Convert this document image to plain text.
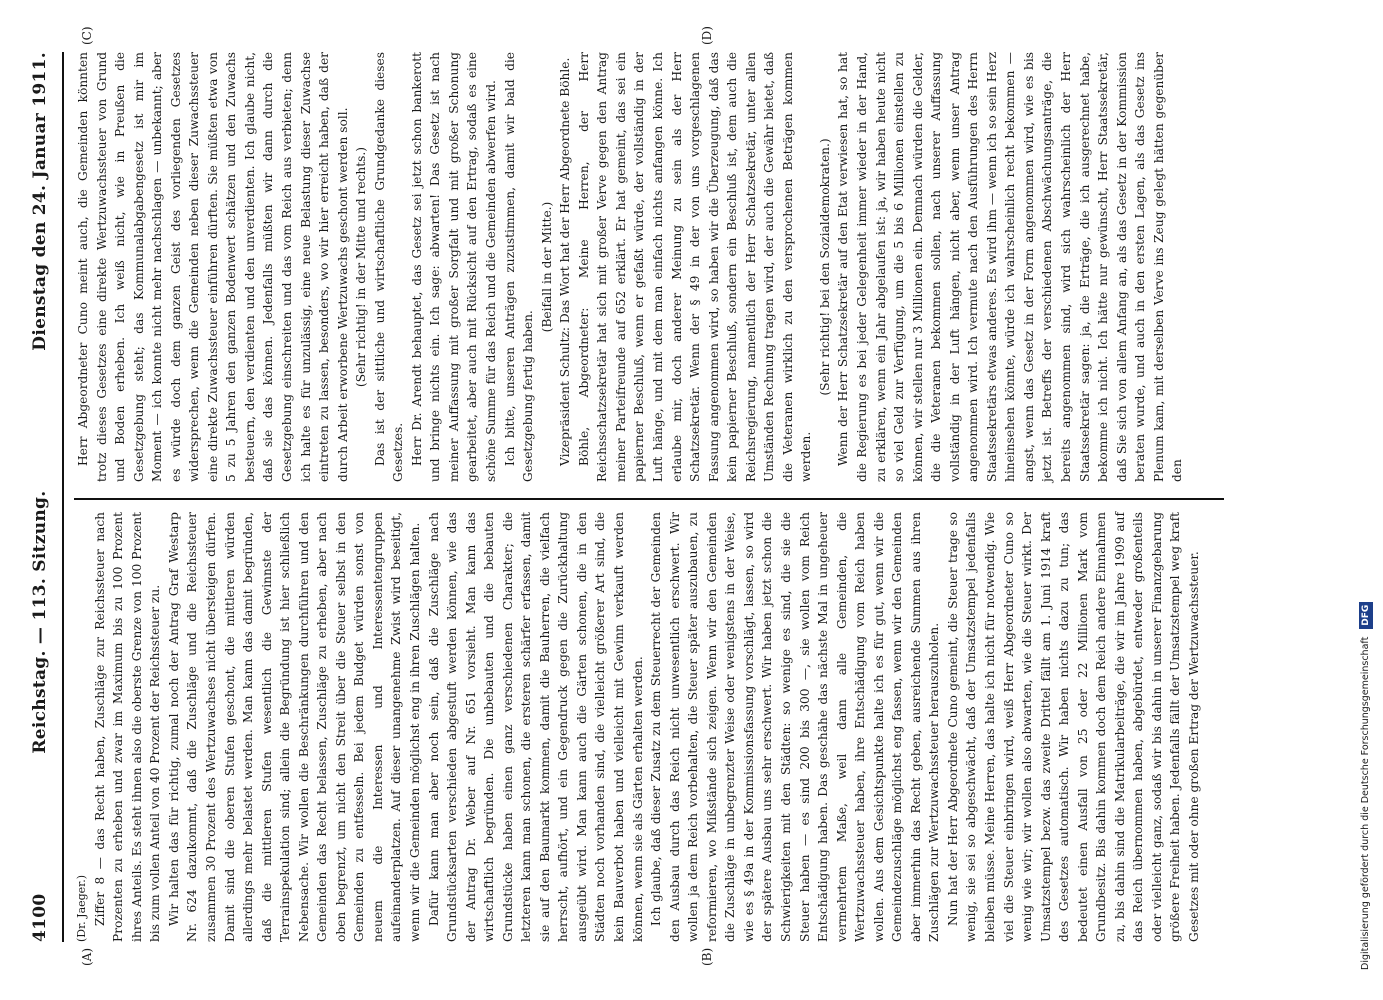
4100
Reichstag. — 113. Sitzung.
Dienstag den 24. Januar 1911.
(A)	(B)
(C)	(D)

(Dr. Jaeger.) Ziffer 8 — das Recht haben, Zuschläge zur Reichssteuer nach Prozenten zu erheben und zwar im Maximum bis zu 100 Prozent ihres Anteils. Es steht ihnen also die oberste Grenze von 100 Prozent bis zum vollen Anteil von 40 Prozent der Reichssteuer zu. Wir halten das für richtig, zumal noch der Antrag Graf Westarp Nr. 624 dazukommt, daß die Zuschläge und die Reichssteuer zusammen 30 Prozent des Wertzuwachses nicht übersteigen dürfen. Damit sind die oberen Stufen geschont, die mittleren würden allerdings mehr belastet werden. Man kann das damit begründen, daß die mittleren Stufen wesentlich die Gewinnste der Terrainspekulation sind; allein die Begründung ist hier schließlich Nebensache. Wir wollen die Beschränkungen durchführen und den Gemeinden das Recht belassen, Zuschläge zu erheben, aber nach oben begrenzt, um nicht den Streit über die Steuer selbst in den Gemeinden zu entfesseln. Bei jedem Budget würden sonst von neuem die Interessen und Interessentengruppen aufeinanderplatzen. Auf dieser unangenehme Zwist wird beseitigt, wenn wir die Gemeinden möglichst eng in ihren Zuschlägen halten. Dafür kann man aber noch sein, daß die Zuschläge nach Grundstücksarten verschieden abgestuft werden können, wie das der Antrag Dr. Weber auf Nr. 651 vorsieht. Man kann das wirtschaftlich begründen. Die unbebauten und die bebauten Grundstücke haben einen ganz verschiedenen Charakter; die letzteren kann man schonen, die ersteren schärfer erfassen, damit sie auf den Baumarkt kommen, damit die Bauherren, die vielfach herrscht, aufhört, und ein Gegendruck gegen die Zurückhaltung ausgeübt wird. Man kann auch die Gärten schonen, die in den Städten noch vorhanden sind, die vielleicht größerer Art sind, die kein Bauverbot haben und vielleicht mit Gewinn verkauft werden können, wenn sie als Gärten erhalten werden. Ich glaube, daß dieser Zusatz zu dem Steuerrecht der Gemeinden den Ausbau durch das Reich nicht unwesentlich erschwert. Wir wollen ja dem Reich vorbehalten, die Steuer später auszubauen, zu reformieren, wo Mißstände sich zeigen. Wenn wir den Gemeinden die Zuschläge in unbegrenzter Weise oder wenigstens in der Weise, wie es § 49a in der Kommissionsfassung vorschlägt, lassen, so wird der spätere Ausbau uns sehr erschwert. Wir haben jetzt schon die Schwierigkeiten mit den Städten: so wenige es sind, die sie die Steuer haben — es sind 200 bis 300 —, sie wollen vom Reich Entschädigung haben. Das geschähe das nächste Mal in ungeheuer vermehrtem Maße, weil dann alle Gemeinden, die Wertzuwachssteuer haben, ihre Entschädigung vom Reich haben wollen. Aus dem Gesichtspunkte halte ich es für gut, wenn wir die Gemeindezuschläge möglichst eng fassen, wenn wir den Gemeinden aber immerhin das Recht geben, ausreichende Summen aus ihren Zuschlägen zur Wertzuwachssteuer herauszuholen. Nun hat der Herr Abgeordnete Cuno gemeint, die Steuer trage so wenig, sie sei so abgeschwächt, daß der Umsatzstempel jedenfalls bleiben müsse. Meine Herren, das halte ich nicht für notwendig. Wie viel die Steuer einbringen wird, weiß Herr Abgeordneter Cuno so wenig wie wir; wir wollen also abwarten, wie die Steuer wirkt. Der Umsatzstempel bezw. das zweite Drittel fällt am 1. Juni 1914 kraft des Gesetzes automatisch. Wir haben nichts dazu zu tun; das bedeutet einen Ausfall von 25 oder 22 Millionen Mark vom Grundbesitz. Bis dahin kommen doch dem Reich andere Einnahmen zu, bis dahin sind die Matrikularbeiträge, die wir im Jahre 1909 auf das Reich übernommen haben, abgebürdet, entweder großenteils oder vielleicht ganz, sodaß wir bis dahin in unserer Finanzgebarung größere Freiheit haben. Jedenfalls fällt der Umsatzstempel weg kraft Gesetzes mit oder ohne großen Ertrag der Wertzuwachssteuer.

Herr Abgeordneter Cuno meint auch, die Gemeinden könnten trotz dieses Gesetzes eine direkte Wertzuwachssteuer von Grund und Boden erheben. Ich weiß nicht, wie in Preußen die Gesetzgebung steht; das Kommunalabgabengesetz ist mir im Moment — ich konnte nicht mehr nachschlagen — unbekannt; aber es würde doch dem ganzen Geist des vorliegenden Gesetzes widersprechen, wenn die Gemeinden neben dieser Zuwachssteuer eine direkte Zuwachssteuer einführen dürften. Sie müßten etwa von 5 zu 5 Jahren den ganzen Bodenwert schätzen und den Zuwachs besteuern, den verdienten und den unverdienten. Ich glaube nicht, daß sie das können. Jedenfalls müßten wir dann durch die Gesetzgebung einschreiten und das vom Reich aus verbieten; denn ich halte es für unzulässig, eine neue Belastung dieser Zuwachse eintreten zu lassen, besonders, wo wir hier erreicht haben, daß der durch Arbeit erworbene Wertzuwachs geschont werden soll. (Sehr richtig! in der Mitte und rechts.) Das ist der sittliche und wirtschaftliche Grundgedanke dieses Gesetzes. Herr Dr. Arendt behauptet, das Gesetz sei jetzt schon bankerott und bringe nichts ein. Ich sage: abwarten! Das Gesetz ist nach meiner Auffassung mit großer Sorgfalt und mit großer Schonung gearbeitet, aber auch mit Rücksicht auf den Ertrag, sodaß es eine schöne Summe für das Reich und die Gemeinden abwerfen wird. Ich bitte, unseren Anträgen zuzustimmen, damit wir bald die Gesetzgebung fertig haben.

(Beifall in der Mitte.) Vizepräsident Schultz: Das Wort hat der Herr Abgeordnete Böhle. Böhle, Abgeordneter: Meine Herren, der Herr Reichsschatzsekretär hat sich mit großer Verve gegen den Antrag meiner Parteifreunde auf 652 erklärt. Er hat gemeint, das sei ein papierner Beschluß, wenn er gefaßt würde, der vollständig in der Luft hänge, und mit dem man einfach nichts anfangen könne. Ich erlaube mir, doch anderer Meinung zu sein als der Herr Schatzsekretär. Wenn der § 49 in der von uns vorgeschlagenen Fassung angenommen wird, so haben wir die Überzeugung, daß das kein papierner Beschluß, sondern ein Beschluß ist, dem auch die Reichsregierung, namentlich der Herr Schatzsekretär, unter allen Umständen Rechnung tragen wird, der auch die Gewähr bietet, daß die Veteranen wirklich zu den versprochenen Beträgen kommen werden.

(Sehr richtig! bei den Sozialdemokraten.) Wenn der Herr Schatzsekretär auf den Etat verwiesen hat, so hat die Regierung es bei jeder Gelegenheit immer wieder in der Hand, zu erklären, wenn ein Jahr abgelaufen ist: ja, wir haben heute nicht so viel Geld zur Verfügung, um die 5 bis 6 Millionen einstellen zu können, wir stellen nur 3 Millionen ein. Demnach würden die Gelder, die die Veteranen bekommen sollen, nach unserer Auffassung vollständig in der Luft hängen, nicht aber, wenn unser Antrag angenommen wird. Ich vermute nach den Ausführungen des Herrn Staatssekretärs etwas anderes. Es wird ihm — wenn ich so sein Herz hineinsehen könnte, würde ich wahrscheinlich recht bekommen — angst, wenn das Gesetz in der Form angenommen wird, wie es bis jetzt ist. Betreffs der verschiedenen Abschwächungsanträge, die bereits angenommen sind, wird sich wahrscheinlich der Herr Staatssekretär sagen: ja, die Erträge, die ich ausgerechnet habe, bekomme ich nicht. Ich hätte nur gewünscht, Herr Staatssekretär, daß Sie sich von allem Anfang an, als das Gesetz in der Kommission beraten wurde, und auch in den ersten Lagen, als das Gesetz ins Plenum kam, mit derselben Verve ins Zeug gelegt hätten gegenüber den

Digitalisierung gefördert durch die Deutsche Forschungsgemeinschaft
DFG
